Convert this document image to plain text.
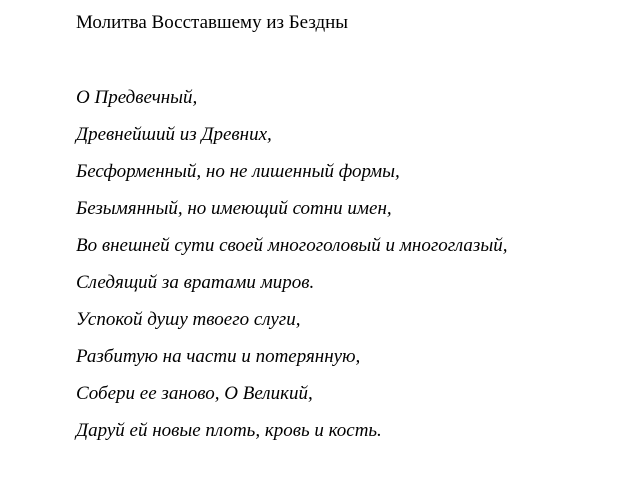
Молитва Восставшему из Бездны
О Предвечный,
Древнейший из Древних,
Бесформенный, но не лишенный формы,
Безымянный, но имеющий сотни имен,
Во внешней сути своей многоголовый и многоглазый,
Следящий за вратами миров.
Успокой душу твоего слуги,
Разбитую на части и потерянную,
Собери ее заново, О Великий,
Даруй ей новые плоть, кровь и кость.
